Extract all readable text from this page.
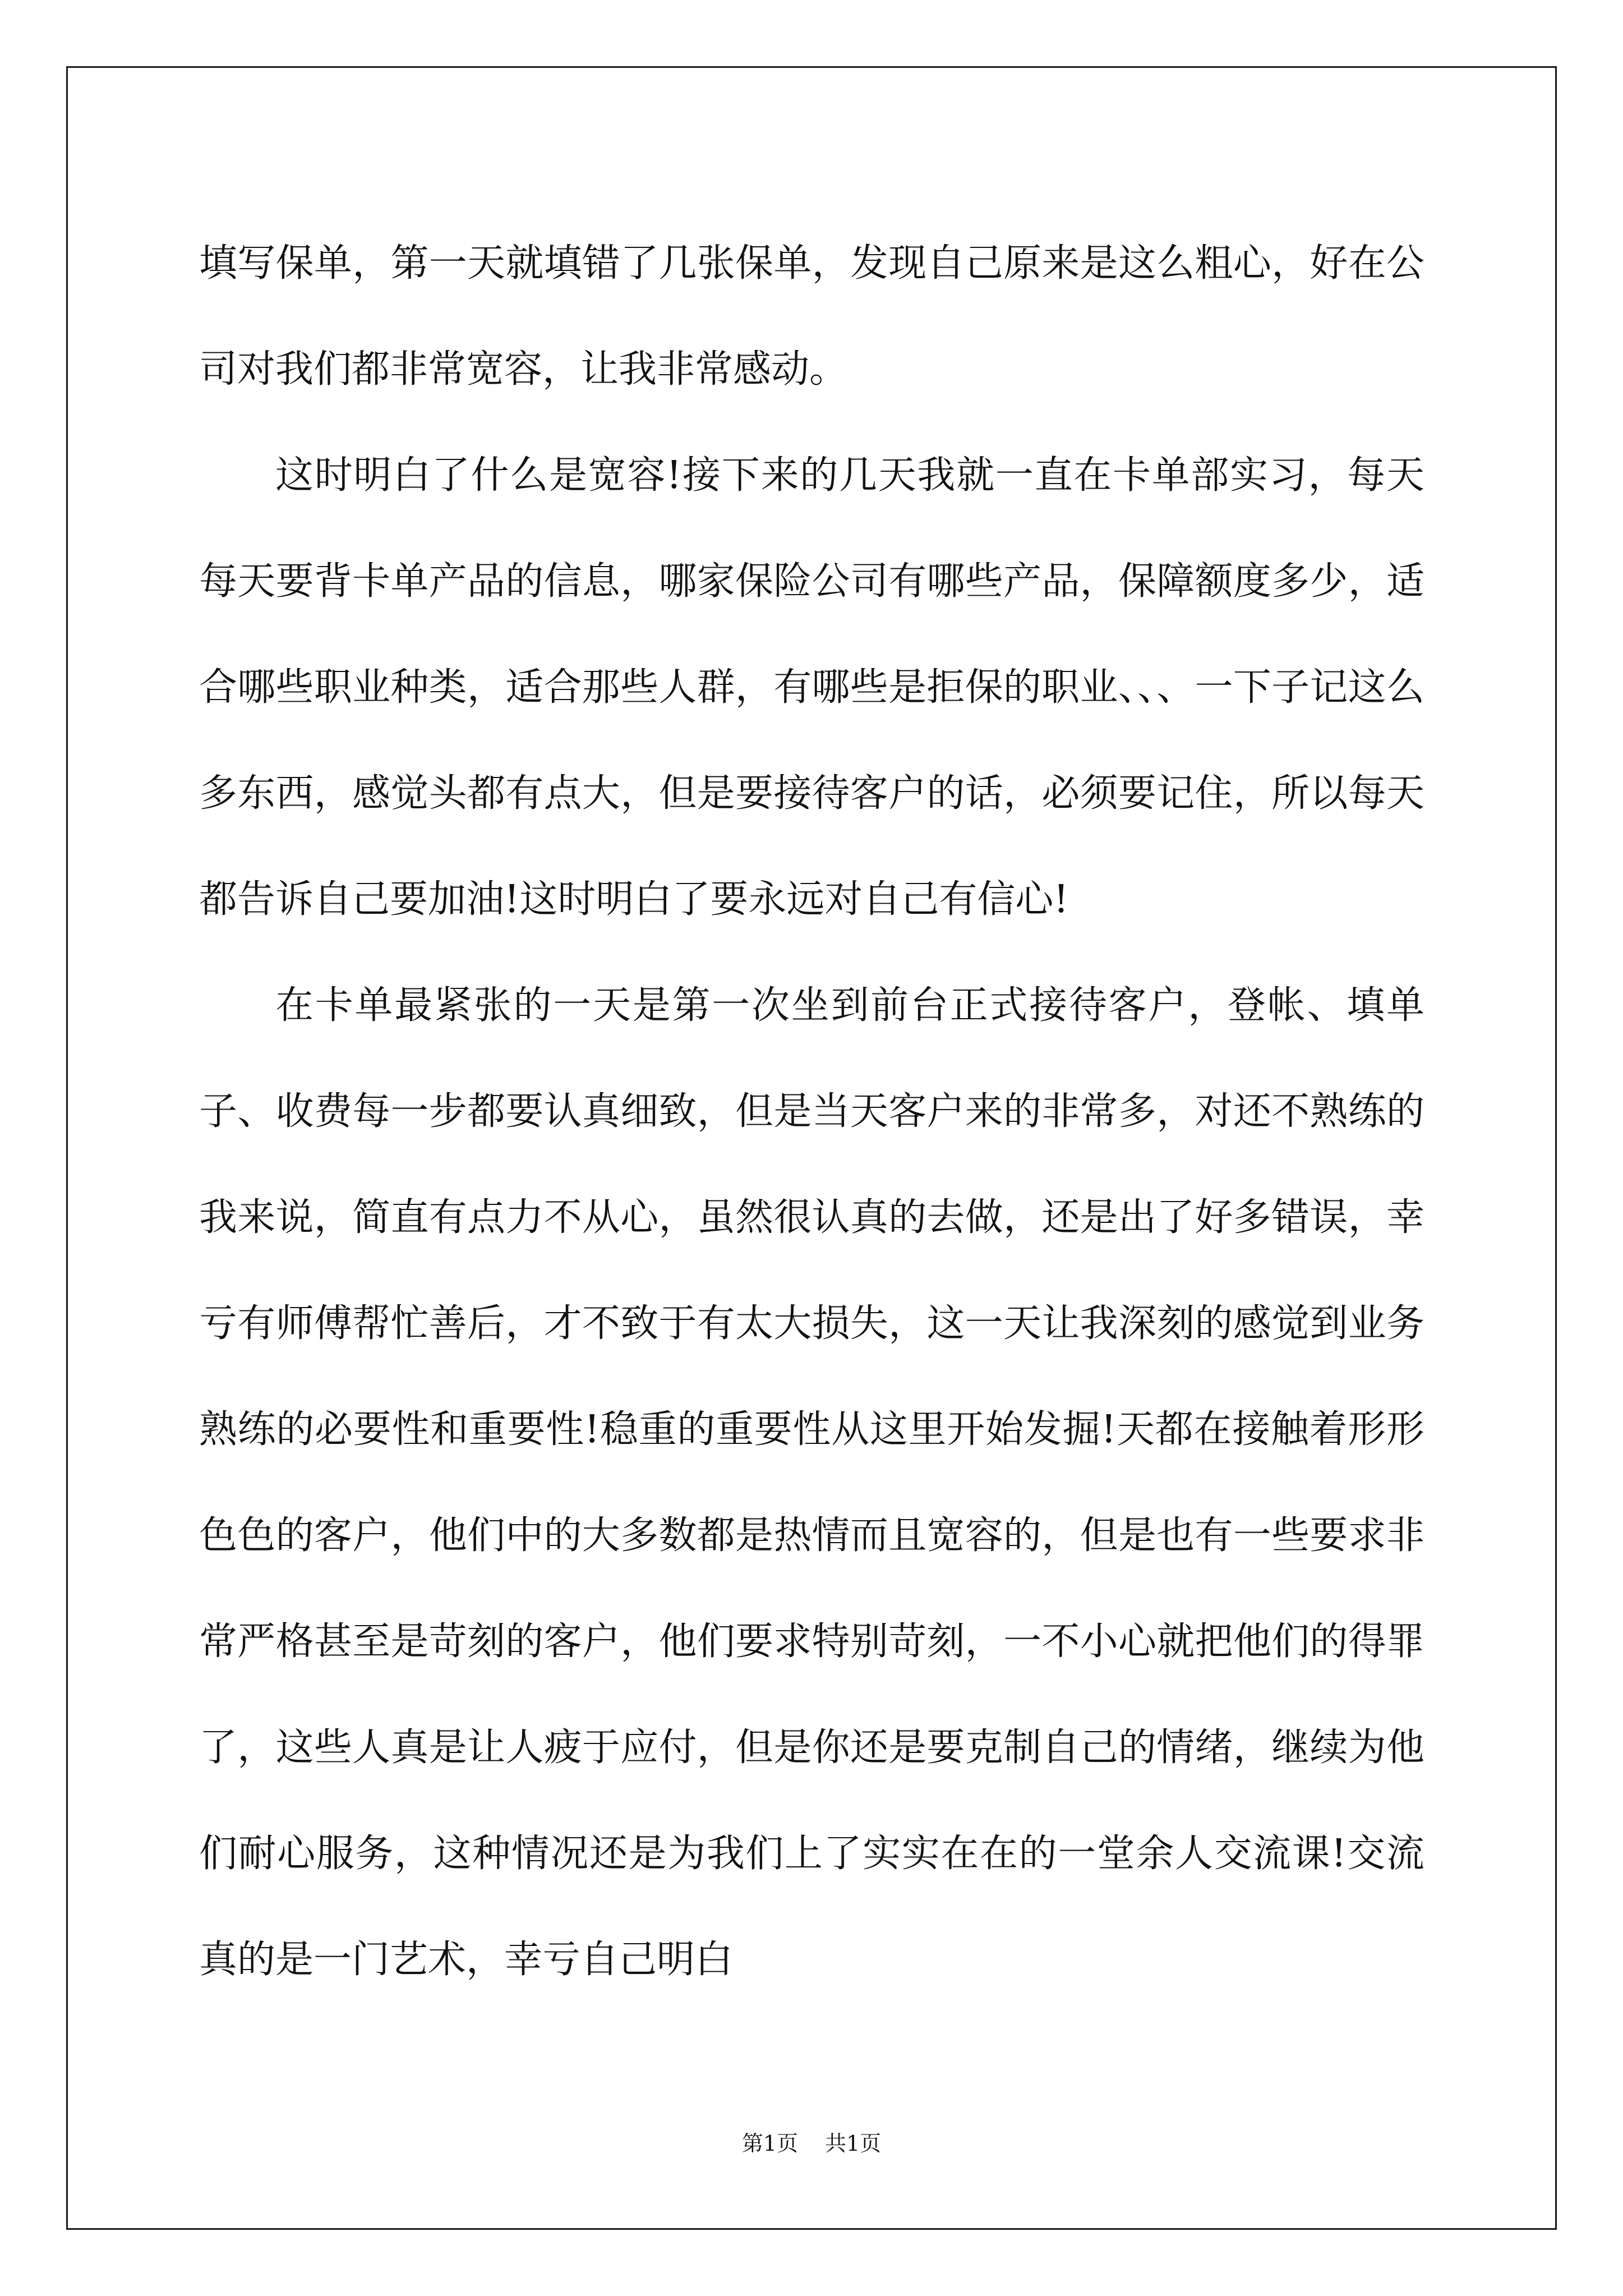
填写保单，第一天就填错了几张保单，发现自己原来是这么粗心，好在公司对我们都非常宽容，让我非常感动。

这时明白了什么是宽容!接下来的几天我就一直在卡单部实习，每天每天要背卡单产品的信息，哪家保险公司有哪些产品，保障额度多少，适合哪些职业种类，适合那些人群，有哪些是拒保的职业、、、一下子记这么多东西，感觉头都有点大，但是要接待客户的话，必须要记住，所以每天都告诉自己要加油!这时明白了要永远对自己有信心!

在卡单最紧张的一天是第一次坐到前台正式接待客户，登帐、填单子、收费每一步都要认真细致，但是当天客户来的非常多，对还不熟练的我来说，简直有点力不从心，虽然很认真的去做，还是出了好多错误，幸亏有师傅帮忙善后，才不致于有太大损失，这一天让我深刻的感觉到业务熟练的必要性和重要性!稳重的重要性从这里开始发掘!天都在接触着形形色色的客户，他们中的大多数都是热情而且宽容的，但是也有一些要求非常严格甚至是苛刻的客户，他们要求特别苛刻，一不小心就把他们的得罪了，这些人真是让人疲于应付，但是你还是要克制自己的情绪，继续为他们耐心服务，这种情况还是为我们上了实实在在的一堂余人交流课!交流真的是一门艺术，幸亏自己明白

第1页 共1页
